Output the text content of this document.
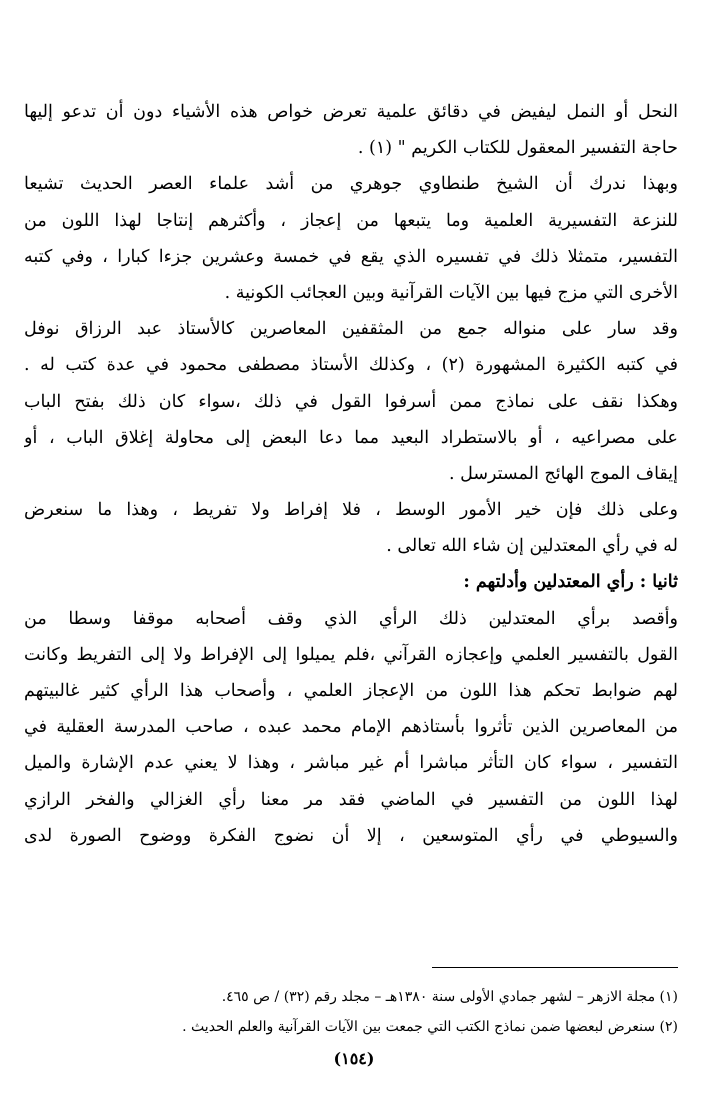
النحل أو النمل ليفيض في دقائق علمية تعرض خواص هذه الأشياء دون أن تدعو إليها
حاجة التفسير المعقول للكتاب الكريم " (١) .
وبهذا ندرك أن الشيخ طنطاوي جوهري من أشد علماء العصر الحديث تشيعا
للنزعة التفسيرية العلمية وما يتبعها من إعجاز ، وأكثرهم إنتاجا لهذا اللون من
التفسير، متمثلا ذلك في تفسيره الذي يقع في خمسة وعشرين جزءا كبارا ، وفي كتبه
الأخرى التي مزج فيها بين الآيات القرآنية وبين العجائب الكونية .
وقد سار على منواله جمع من المثقفين المعاصرين كالأستاذ عبد الرزاق نوفل
في كتبه الكثيرة المشهورة (٢) ، وكذلك الأستاذ مصطفى محمود في عدة كتب له .
وهكذا نقف على نماذج ممن أسرفوا القول في ذلك ،سواء كان ذلك بفتح الباب
على مصراعيه ، أو بالاستطراد البعيد مما دعا البعض إلى محاولة إغلاق الباب ، أو
إيقاف الموج الهائج المسترسل .
وعلى ذلك فإن خير الأمور الوسط ، فلا إفراط ولا تفريط ، وهذا ما سنعرض
له في رأي المعتدلين إن شاء الله تعالى .
ثانيا : رأي المعتدلين وأدلتهم :
وأقصد برأي المعتدلين ذلك الرأي الذي وقف أصحابه موقفا وسطا من
القول بالتفسير العلمي وإعجازه القرآني ،فلم يميلوا إلى الإفراط ولا إلى التفريط وكانت
لهم ضوابط تحكم هذا اللون من الإعجاز العلمي ، وأصحاب هذا الرأي كثير غالبيتهم
من المعاصرين الذين تأثروا بأستاذهم الإمام محمد عبده ، صاحب المدرسة العقلية في
التفسير ، سواء كان التأثر مباشرا أم غير مباشر ، وهذا لا يعني عدم الإشارة والميل
لهذا اللون من التفسير في الماضي فقد مر معنا رأي الغزالي والفخر الرازي
والسيوطي في رأي المتوسعين ، إلا أن نضوج الفكرة ووضوح الصورة لدى
(١) مجلة الازهر – لشهر جمادي الأولى سنة ١٣٨٠هـ – مجلد رقم (٣٢) / ص ٤٦٥.
(٢) سنعرض لبعضها ضمن نماذج الكتب التي جمعت بين الآيات القرآنية والعلم الحديث .
(١٥٤)
